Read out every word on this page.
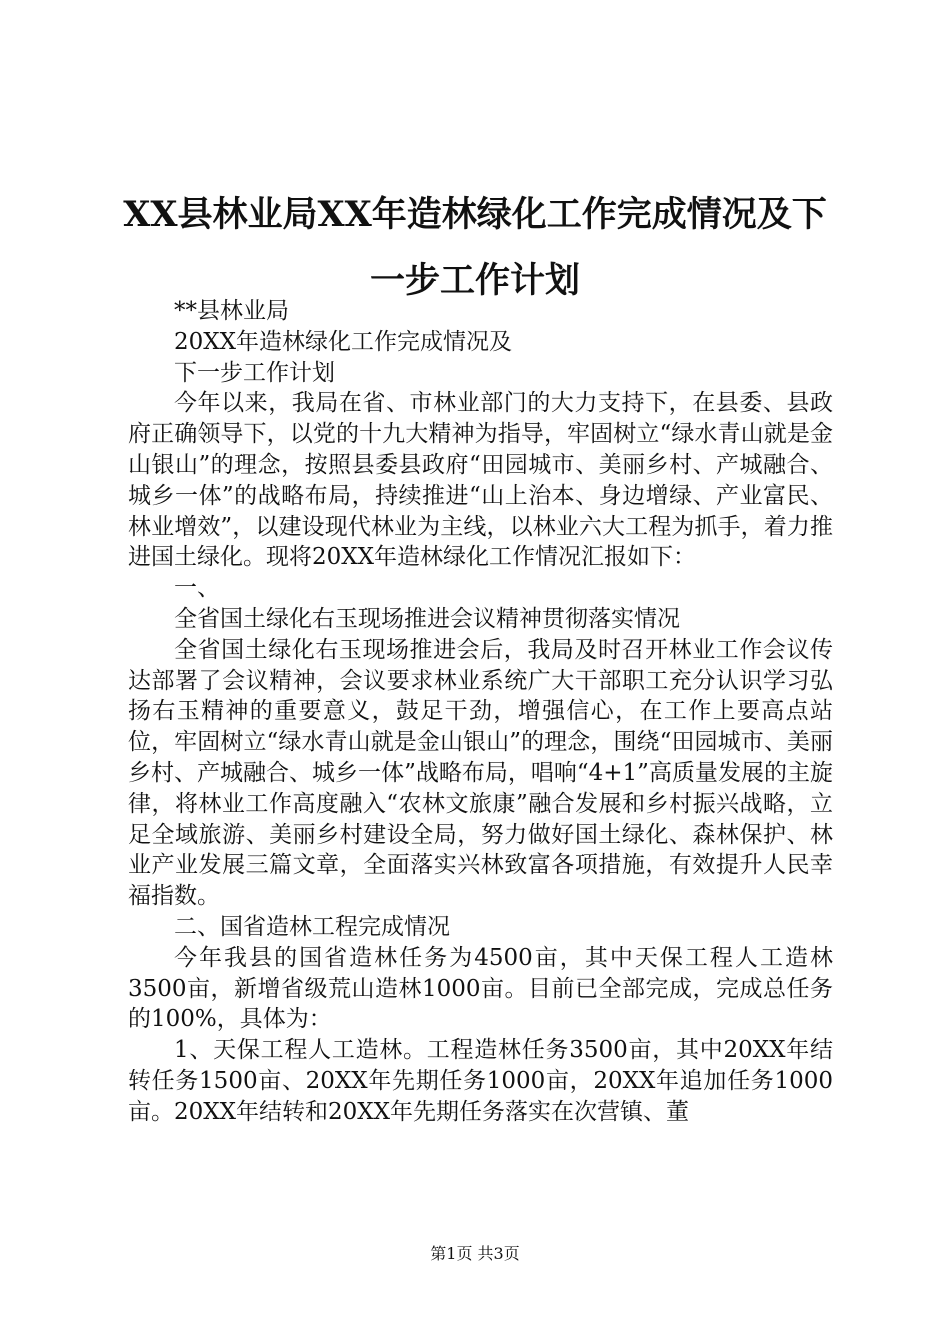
XX县林业局XX年造林绿化工作完成情况及下
一步工作计划

**县林业局

20XX年造林绿化工作完成情况及

下一步工作计划

今年以来，我局在省、市林业部门的大力支持下，在县委、县政府正确领导下，以党的十九大精神为指导，牢固树立“绿水青山就是金山银山”的理念，按照县委县政府“田园城市、美丽乡村、产城融合、城乡一体”的战略布局，持续推进“山上治本、身边增绿、产业富民、林业增效”，以建设现代林业为主线，以林业六大工程为抓手，着力推进国土绿化。现将20XX年造林绿化工作情况汇报如下：

一、

全省国土绿化右玉现场推进会议精神贯彻落实情况

全省国土绿化右玉现场推进会后，我局及时召开林业工作会议传达部署了会议精神，会议要求林业系统广大干部职工充分认识学习弘扬右玉精神的重要意义，鼓足干劲，增强信心，在工作上要高点站位，牢固树立“绿水青山就是金山银山”的理念，围绕“田园城市、美丽乡村、产城融合、城乡一体”战略布局，唱响“4+1”高质量发展的主旋律，将林业工作高度融入“农林文旅康”融合发展和乡村振兴战略，立足全域旅游、美丽乡村建设全局，努力做好国土绿化、森林保护、林业产业发展三篇文章，全面落实兴林致富各项措施，有效提升人民幸福指数。

二、国省造林工程完成情况

今年我县的国省造林任务为4500亩，其中天保工程人工造林3500亩，新增省级荒山造林1000亩。目前已全部完成，完成总任务的100%，具体为：

1、天保工程人工造林。工程造林任务3500亩，其中20XX年结转任务1500亩、20XX年先期任务1000亩，20XX年追加任务1000亩。20XX年结转和20XX年先期任务落实在次营镇、董

第1页 共3页
